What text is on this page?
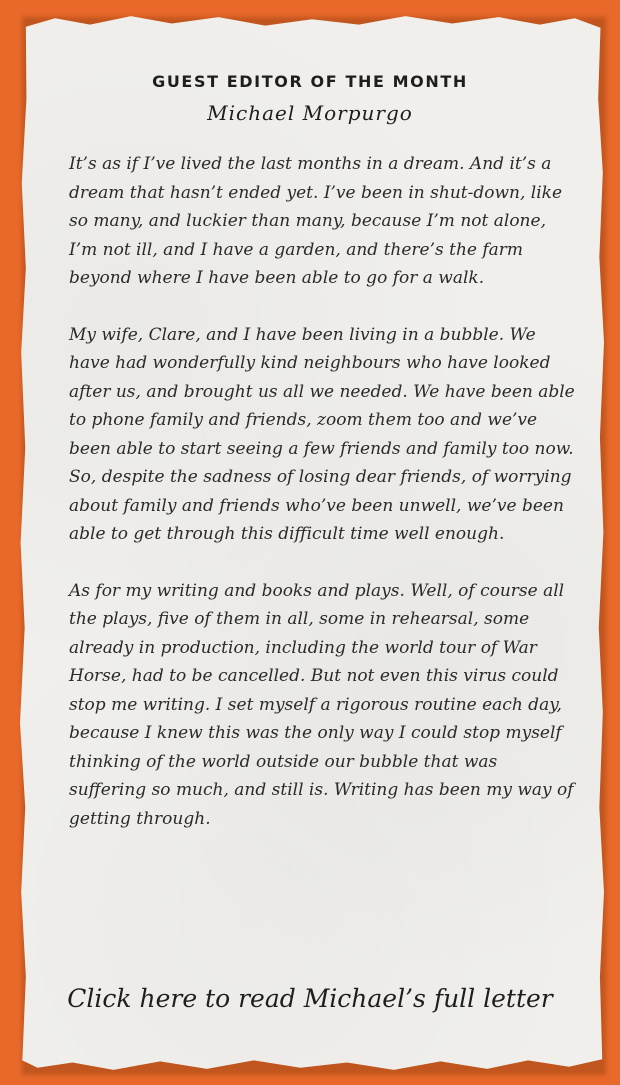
GUEST EDITOR OF THE MONTH
Michael Morpurgo

It’s as if I’ve lived the last months in a dream. And it’s a dream that hasn’t ended yet. I’ve been in shut-down, like so many, and luckier than many, because I’m not alone, I’m not ill, and I have a garden, and there’s the farm beyond where I have been able to go for a walk.

My wife, Clare, and I have been living in a bubble. We have had wonderfully kind neighbours who have looked after us, and brought us all we needed. We have been able to phone family and friends, zoom them too and we’ve been able to start seeing a few friends and family too now. So, despite the sadness of losing dear friends, of worrying about family and friends who’ve been unwell, we’ve been able to get through this difficult time well enough.

As for my writing and books and plays. Well, of course all the plays, five of them in all, some in rehearsal, some already in production, including the world tour of War Horse, had to be cancelled. But not even this virus could stop me writing. I set myself a rigorous routine each day, because I knew this was the only way I could stop myself thinking of the world outside our bubble that was suffering so much, and still is. Writing has been my way of getting through.

Click here to read Michael’s full letter
